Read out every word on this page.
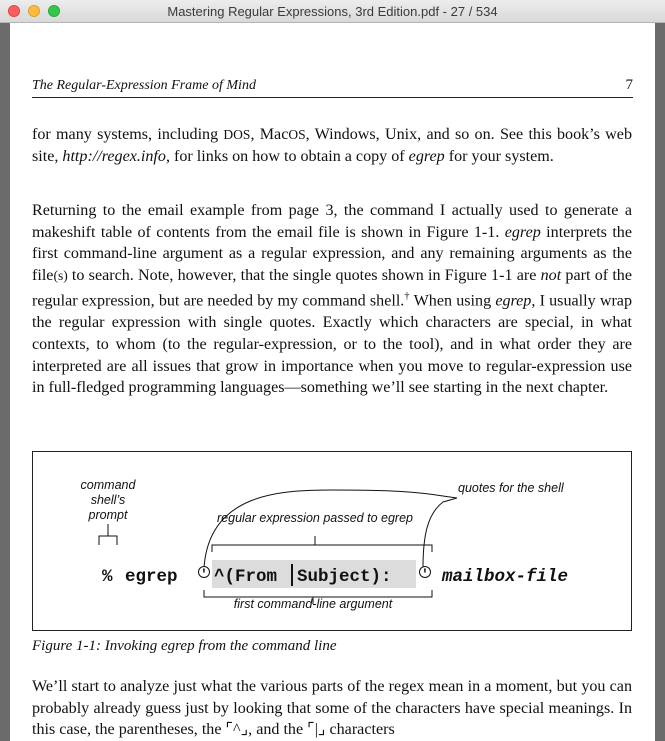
Mastering Regular Expressions, 3rd Edition.pdf - 27 / 534
The Regular-Expression Frame of Mind	7

for many systems, including DOS, MacOS, Windows, Unix, and so on. See this book’s web site, http://regex.info, for links on how to obtain a copy of egrep for your system.

Returning to the email example from page 3, the command I actually used to generate a makeshift table of contents from the email file is shown in Figure 1-1. egrep interprets the first command-line argument as a regular expression, and any remaining arguments as the file(s) to search. Note, however, that the single quotes shown in Figure 1-1 are not part of the regular expression, but are needed by my command shell.† When using egrep, I usually wrap the regular expression with single quotes. Exactly which characters are special, in what contexts, to whom (to the regular-expression, or to the tool), and in what order they are interpreted are all issues that grow in importance when you move to regular-expression use in full-fledged programming languages—something we’ll see starting in the next chapter.

command
shell’s
prompt
quotes for the shell
regular expression passed to egrep
first command-line argument
% egrep ' ^(From Subject): ' mailbox-file
Figure 1-1: Invoking egrep from the command line

We’ll start to analyze just what the various parts of the regex mean in a moment, but you can probably already guess just by looking that some of the characters have special meanings. In this case, the parentheses, the ⌜^⌟, and the ⌜|⌟ characters
